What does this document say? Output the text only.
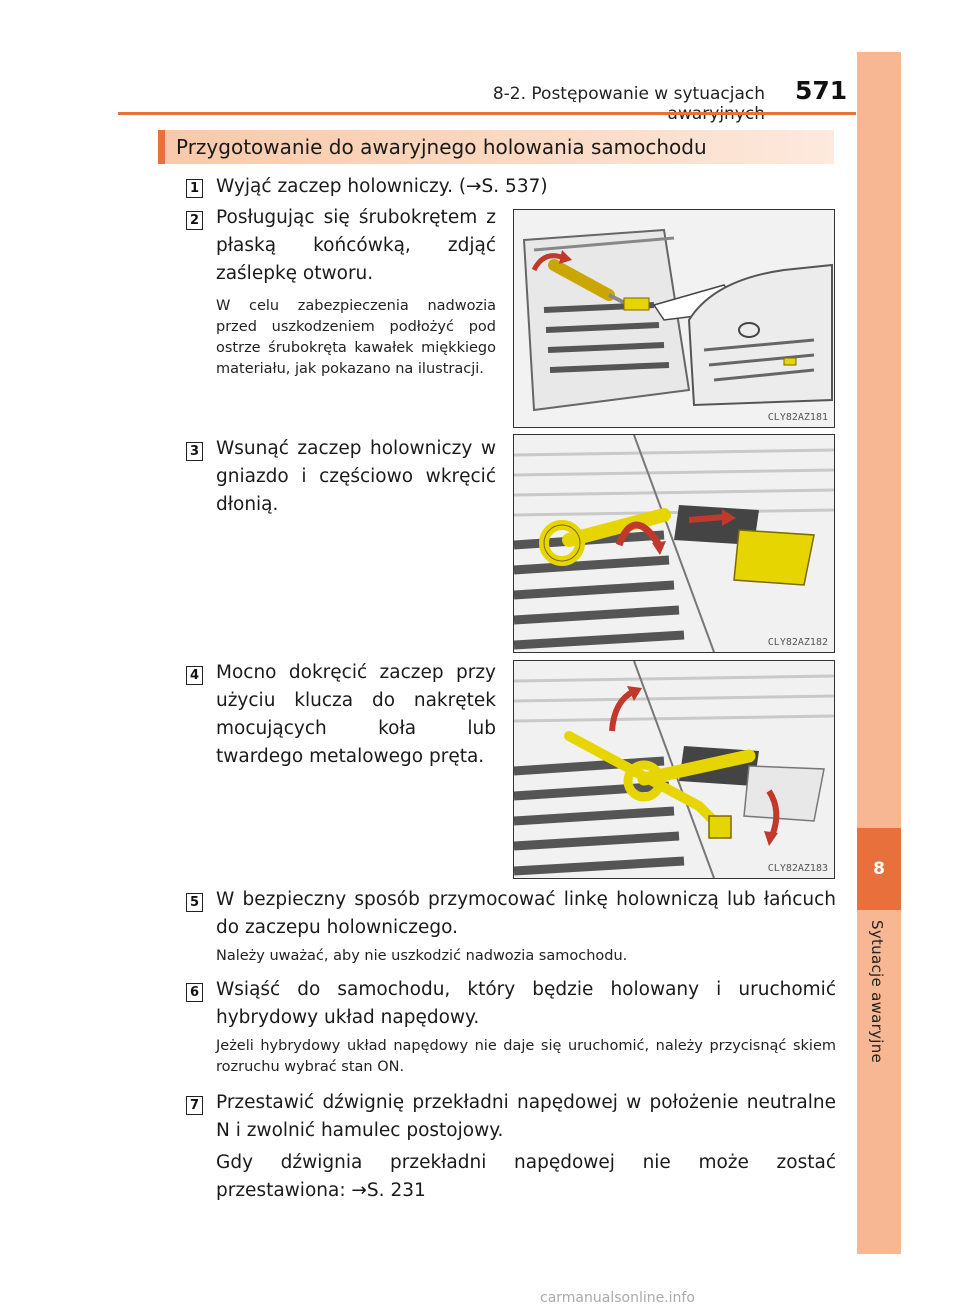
8-2. Postępowanie w sytuacjach 571
8
Sytuacje awaryjne
Przygotowanie do awaryjnego holowania samochodu
1 Wyjąć zaczep holowniczy. (→S. 537)
2 Posługując się śrubokrętem z płaską końcówką, zdjąć zaślepkę otworu.
W celu zabezpieczenia nadwozia przed uszkodzeniem podłożyć pod ostrze śrubokręta kawałek miękkiego materiału, jak pokazano na ilustracji.
CLY82AZ181
3 Wsunąć zaczep holowniczy w gniazdo i częściowo wkręcić dłonią.
CLY82AZ182
4 Mocno dokręcić zaczep przy użyciu klucza do nakrętek mocujących koła lub twardego metalowego pręta.
CLY82AZ183
5 W bezpieczny sposób przymocować linkę holowniczą lub łańcuch do zaczepu holowniczego.
Należy uważać, aby nie uszkodzić nadwozia samochodu.
6 Wsiąść do samochodu, który będzie holowany i uruchomić hybrydowy układ napędowy.
Jeżeli hybrydowy układ napędowy nie daje się uruchomić, należy przycisnąć skiem rozruchu wybrać stan ON.
7 Przestawić dźwignię przekładni napędowej w położenie neutralne N i zwolnić hamulec postojowy.
Gdy dźwignia przekładni napędowej nie może zostać przestawiona: →S. 231
carmanualsonline.info
